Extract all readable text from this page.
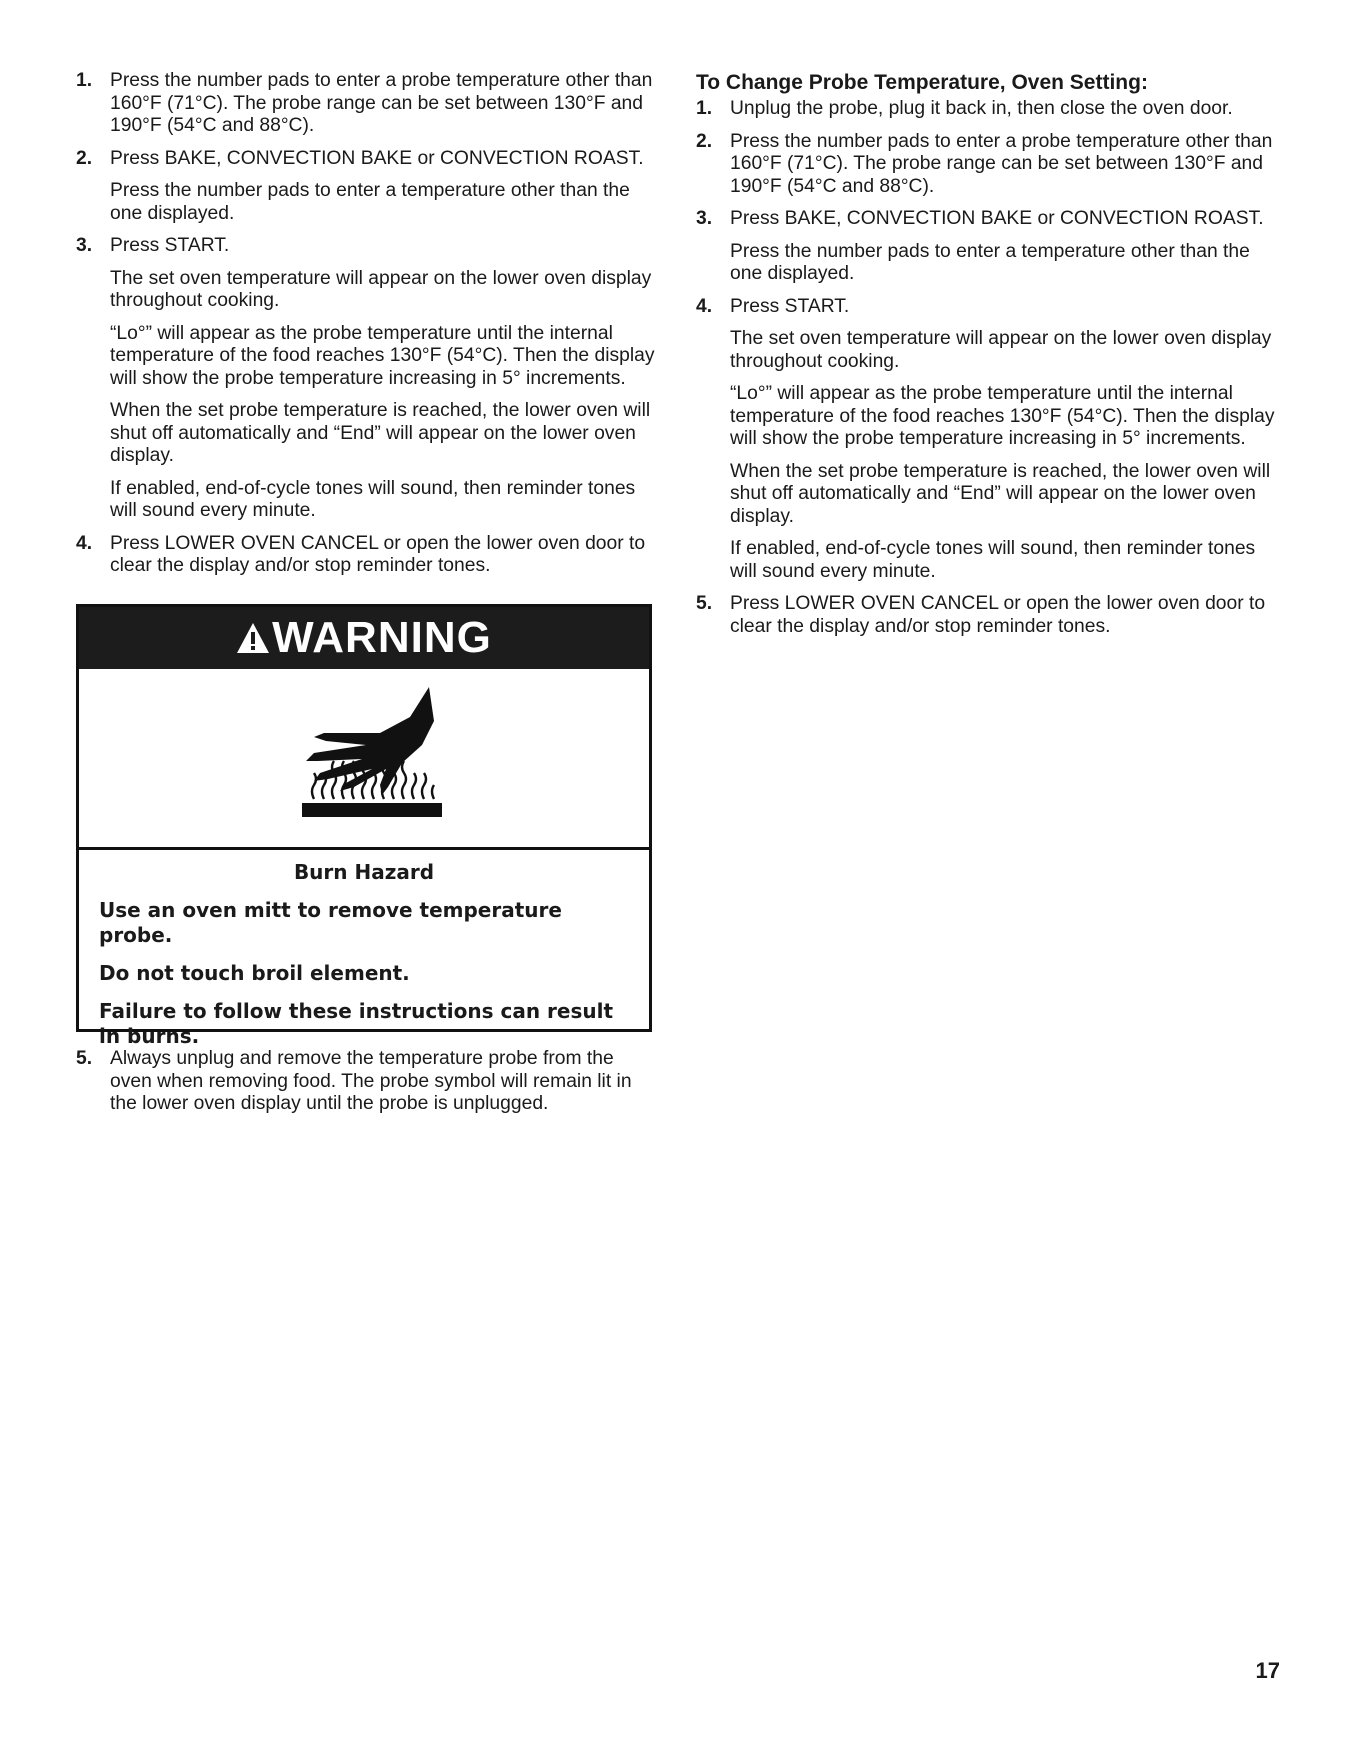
1. Press the number pads to enter a probe temperature other than 160°F (71°C). The probe range can be set between 130°F and 190°F (54°C and 88°C).

2. Press BAKE, CONVECTION BAKE or CONVECTION ROAST.

Press the number pads to enter a temperature other than the one displayed.

3. Press START.

The set oven temperature will appear on the lower oven display throughout cooking.

“Lo°” will appear as the probe temperature until the internal temperature of the food reaches 130°F (54°C). Then the display will show the probe temperature increasing in 5° increments.

When the set probe temperature is reached, the lower oven will shut off automatically and “End” will appear on the lower oven display.

If enabled, end-of-cycle tones will sound, then reminder tones will sound every minute.

4. Press LOWER OVEN CANCEL or open the lower oven door to clear the display and/or stop reminder tones.

WARNING

Burn Hazard

Use an oven mitt to remove temperature probe.

Do not touch broil element.

Failure to follow these instructions can result in burns.

5. Always unplug and remove the temperature probe from the oven when removing food. The probe symbol will remain lit in the lower oven display until the probe is unplugged.

To Change Probe Temperature, Oven Setting:
1. Unplug the probe, plug it back in, then close the oven door.

2. Press the number pads to enter a probe temperature other than 160°F (71°C). The probe range can be set between 130°F and 190°F (54°C and 88°C).

3. Press BAKE, CONVECTION BAKE or CONVECTION ROAST.

Press the number pads to enter a temperature other than the one displayed.

4. Press START.

The set oven temperature will appear on the lower oven display throughout cooking.

“Lo°” will appear as the probe temperature until the internal temperature of the food reaches 130°F (54°C). Then the display will show the probe temperature increasing in 5° increments.

When the set probe temperature is reached, the lower oven will shut off automatically and “End” will appear on the lower oven display.

If enabled, end-of-cycle tones will sound, then reminder tones will sound every minute.

5. Press LOWER OVEN CANCEL or open the lower oven door to clear the display and/or stop reminder tones.

17
